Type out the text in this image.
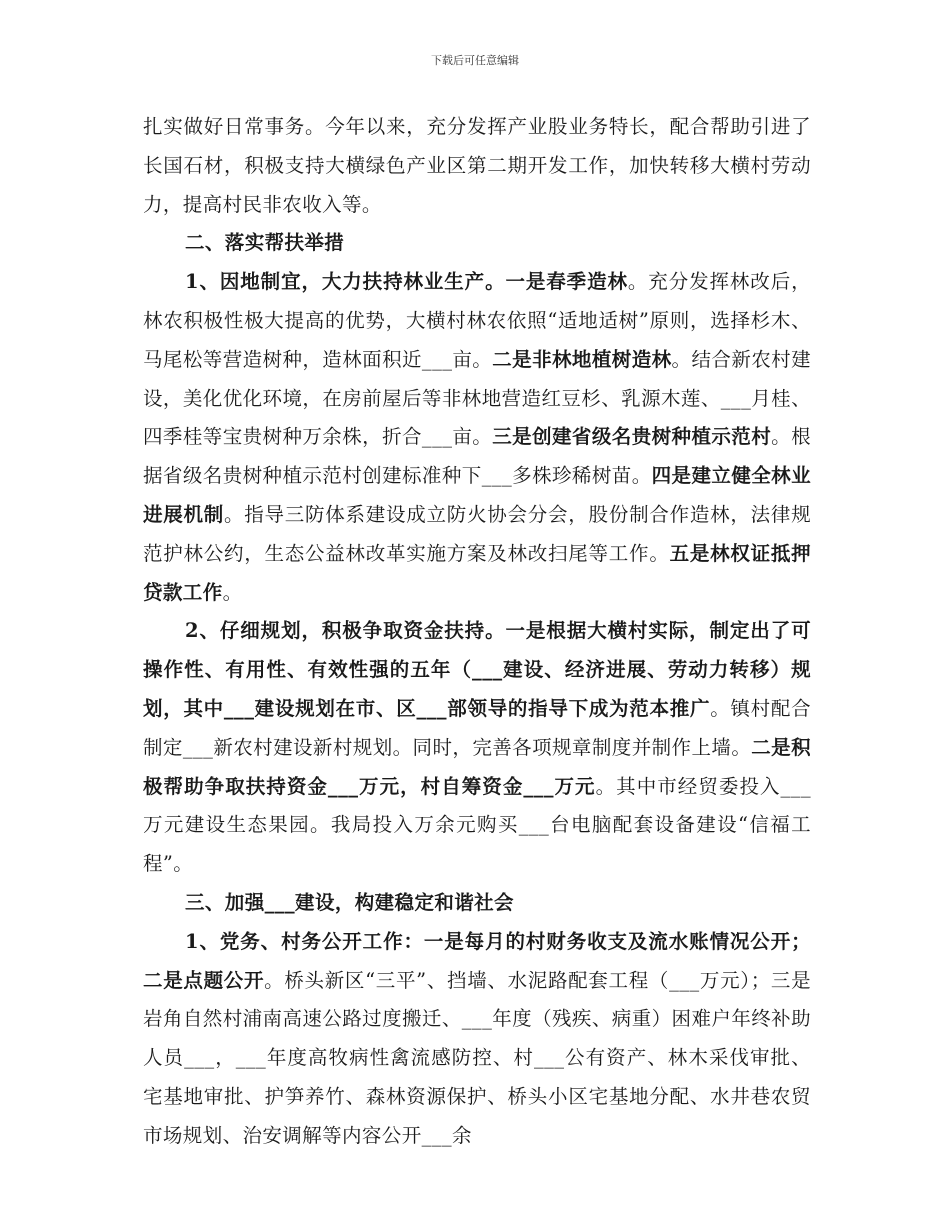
下载后可任意编辑

扎实做好日常事务。今年以来，充分发挥产业股业务特长，配合帮助引进了长国石材，积极支持大横绿色产业区第二期开发工作，加快转移大横村劳动力，提高村民非农收入等。

二、落实帮扶举措

1、因地制宜，大力扶持林业生产。一是春季造林。充分发挥林改后，林农积极性极大提高的优势，大横村林农依照“适地适树”原则，选择杉木、马尾松等营造树种，造林面积近___亩。二是非林地植树造林。结合新农村建设，美化优化环境，在房前屋后等非林地营造红豆杉、乳源木莲、___月桂、四季桂等宝贵树种万余株，折合___亩。三是创建省级名贵树种植示范村。根据省级名贵树种植示范村创建标准种下___多株珍稀树苗。四是建立健全林业进展机制。指导三防体系建设成立防火协会分会，股份制合作造林，法律规范护林公约，生态公益林改革实施方案及林改扫尾等工作。五是林权证抵押贷款工作。

2、仔细规划，积极争取资金扶持。一是根据大横村实际，制定出了可操作性、有用性、有效性强的五年（___建设、经济进展、劳动力转移）规划，其中___建设规划在市、区___部领导的指导下成为范本推广。镇村配合制定___新农村建设新村规划。同时，完善各项规章制度并制作上墙。二是积极帮助争取扶持资金___万元，村自筹资金___万元。其中市经贸委投入___万元建设生态果园。我局投入万余元购买___台电脑配套设备建设“信福工程”。

三、加强___建设，构建稳定和谐社会

1、党务、村务公开工作：一是每月的村财务收支及流水账情况公开；二是点题公开。桥头新区“三平”、挡墙、水泥路配套工程（___万元）；三是岩角自然村浦南高速公路过度搬迁、___年度（残疾、病重）困难户年终补助人员___，___年度高牧病性禽流感防控、村___公有资产、林木采伐审批、宅基地审批、护笋养竹、森林资源保护、桥头小区宅基地分配、水井巷农贸市场规划、治安调解等内容公开___余
